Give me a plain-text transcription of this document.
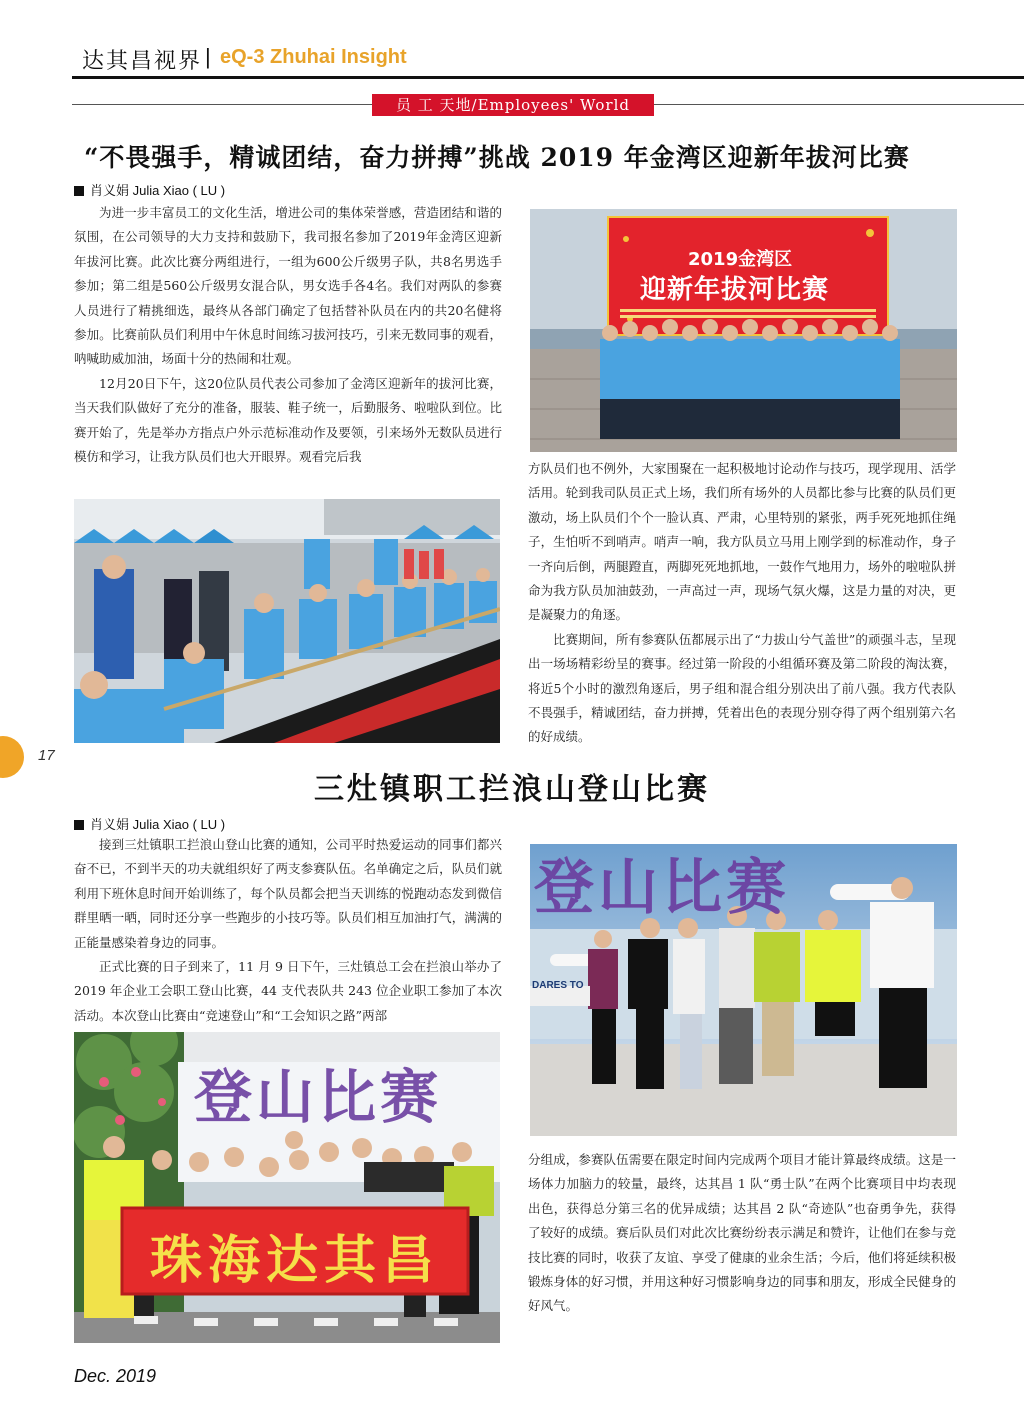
达其昌视界 | eQ-3 Zhuhai Insight
员 工 天地/Employees' World
“不畏强手，精诚团结，奋力拼搏”挑战 2019 年金湾区迎新年拔河比赛
肖义娟 Julia Xiao ( LU )

为进一步丰富员工的文化生活，增进公司的集体荣誉感，营造团结和谐的氛围，在公司领导的大力支持和鼓励下，我司报名参加了2019年金湾区迎新年拔河比赛。此次比赛分两组进行，一组为600公斤级男子队，共8名男选手参加；第二组是560公斤级男女混合队，男女选手各4名。我们对两队的参赛人员进行了精挑细选，最终从各部门确定了包括替补队员在内的共20名健将参加。比赛前队员们利用中午休息时间练习拔河技巧，引来无数同事的观看，呐喊助威加油，场面十分的热闹和壮观。

12月20日下午，这20位队员代表公司参加了金湾区迎新年的拔河比赛，当天我们队做好了充分的准备，服装、鞋子统一，后勤服务、啦啦队到位。比赛开始了，先是举办方指点户外示范标准动作及要领，引来场外无数队员进行模仿和学习，让我方队员们也大开眼界。观看完后我

2019金湾区
迎新年拔河比赛

方队员们也不例外，大家围聚在一起积极地讨论动作与技巧，现学现用、活学活用。轮到我司队员正式上场，我们所有场外的人员都比参与比赛的队员们更激动，场上队员们个个一脸认真、严肃，心里特别的紧张，两手死死地抓住绳子，生怕听不到哨声。哨声一响，我方队员立马用上刚学到的标准动作，身子一齐向后倒，两腿蹬直，两脚死死地抓地，一鼓作气地用力，场外的啦啦队拼命为我方队员加油鼓劲，一声高过一声，现场气氛火爆，这是力量的对决，更是凝聚力的角逐。

比赛期间，所有参赛队伍都展示出了“力拔山兮气盖世”的顽强斗志，呈现出一场场精彩纷呈的赛事。经过第一阶段的小组循环赛及第二阶段的淘汰赛，将近5个小时的激烈角逐后，男子组和混合组分别决出了前八强。我方代表队不畏强手，精诚团结，奋力拼搏，凭着出色的表现分别夺得了两个组别第六名的好成绩。

17
三灶镇职工拦浪山登山比赛
肖义娟 Julia Xiao ( LU )

接到三灶镇职工拦浪山登山比赛的通知，公司平时热爱运动的同事们都兴奋不已，不到半天的功夫就组织好了两支参赛队伍。名单确定之后，队员们就利用下班休息时间开始训练了，每个队员都会把当天训练的悦跑动态发到微信群里晒一晒，同时还分享一些跑步的小技巧等。队员们相互加油打气，满满的正能量感染着身边的同事。

正式比赛的日子到来了，11 月 9 日下午，三灶镇总工会在拦浪山举办了 2019 年企业工会职工登山比赛，44 支代表队共 243 位企业职工参加了本次活动。本次登山比赛由“竞速登山”和“工会知识之路”两部

DARES TO
登山比赛
登山比赛
珠海达其昌

分组成，参赛队伍需要在限定时间内完成两个项目才能计算最终成绩。这是一场体力加脑力的较量，最终，达其昌 1 队“勇士队”在两个比赛项目中均表现出色，获得总分第三名的优异成绩；达其昌 2 队“奇迹队”也奋勇争先，获得了较好的成绩。赛后队员们对此次比赛纷纷表示满足和赞许，让他们在参与竞技比赛的同时，收获了友谊、享受了健康的业余生活；今后，他们将延续积极锻炼身体的好习惯，并用这种好习惯影响身边的同事和朋友，形成全民健身的好风气。

Dec. 2019
